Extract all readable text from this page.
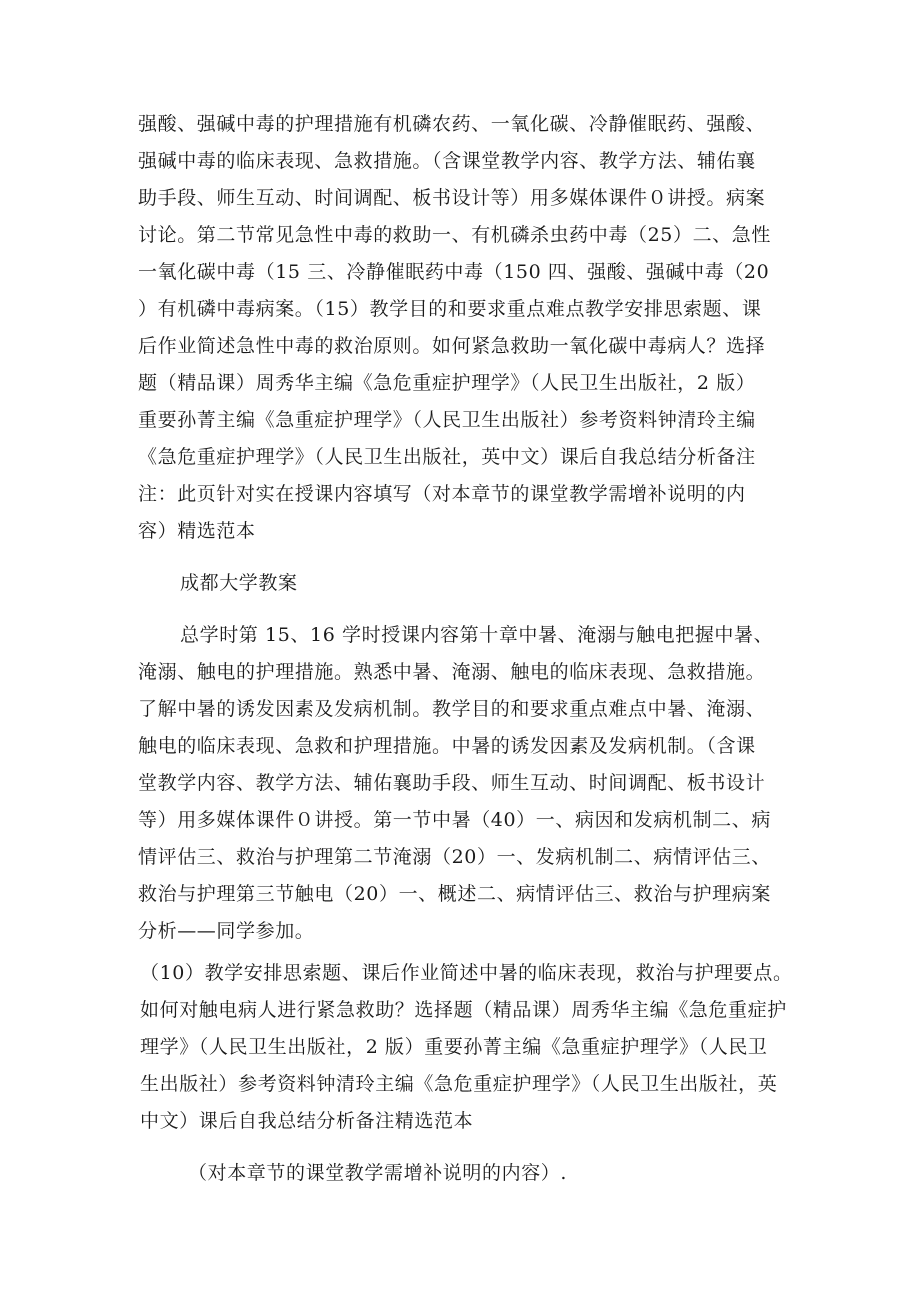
强酸、强碱中毒的护理措施有机磷农药、一氧化碳、冷静催眠药、强酸、
强碱中毒的临床表现、急救措施。（含课堂教学内容、教学方法、辅佑襄
助手段、师生互动、时间调配、板书设计等）用多媒体课件０讲授。病案
讨论。第二节常见急性中毒的救助一、有机磷杀虫药中毒（25）二、急性
一氧化碳中毒（15 三、冷静催眠药中毒（150 四、强酸、强碱中毒（20
）有机磷中毒病案。（15）教学目的和要求重点难点教学安排思索题、课
后作业简述急性中毒的救治原则。如何紧急救助一氧化碳中毒病人？选择
题（精品课）周秀华主编《急危重症护理学》（人民卫生出版社，2 版）
重要孙菁主编《急重症护理学》（人民卫生出版社）参考资料钟清玲主编
《急危重症护理学》（人民卫生出版社，英中文）课后自我总结分析备注
注：此页针对实在授课内容填写（对本章节的课堂教学需增补说明的内
容）精选范本
成都大学教案
总学时第 15、16 学时授课内容第十章中暑、淹溺与触电把握中暑、
淹溺、触电的护理措施。熟悉中暑、淹溺、触电的临床表现、急救措施。
了解中暑的诱发因素及发病机制。教学目的和要求重点难点中暑、淹溺、
触电的临床表现、急救和护理措施。中暑的诱发因素及发病机制。（含课
堂教学内容、教学方法、辅佑襄助手段、师生互动、时间调配、板书设计
等）用多媒体课件０讲授。第一节中暑（40）一、病因和发病机制二、病
情评估三、救治与护理第二节淹溺（20）一、发病机制二、病情评估三、
救治与护理第三节触电（20）一、概述二、病情评估三、救治与护理病案
分析——同学参加。
（10）教学安排思索题、课后作业简述中暑的临床表现，救治与护理要点。
如何对触电病人进行紧急救助？选择题（精品课）周秀华主编《急危重症护
理学》（人民卫生出版社，2 版）重要孙菁主编《急重症护理学》（人民卫
生出版社）参考资料钟清玲主编《急危重症护理学》（人民卫生出版社，英
中文）课后自我总结分析备注精选范本
（对本章节的课堂教学需增补说明的内容）.
